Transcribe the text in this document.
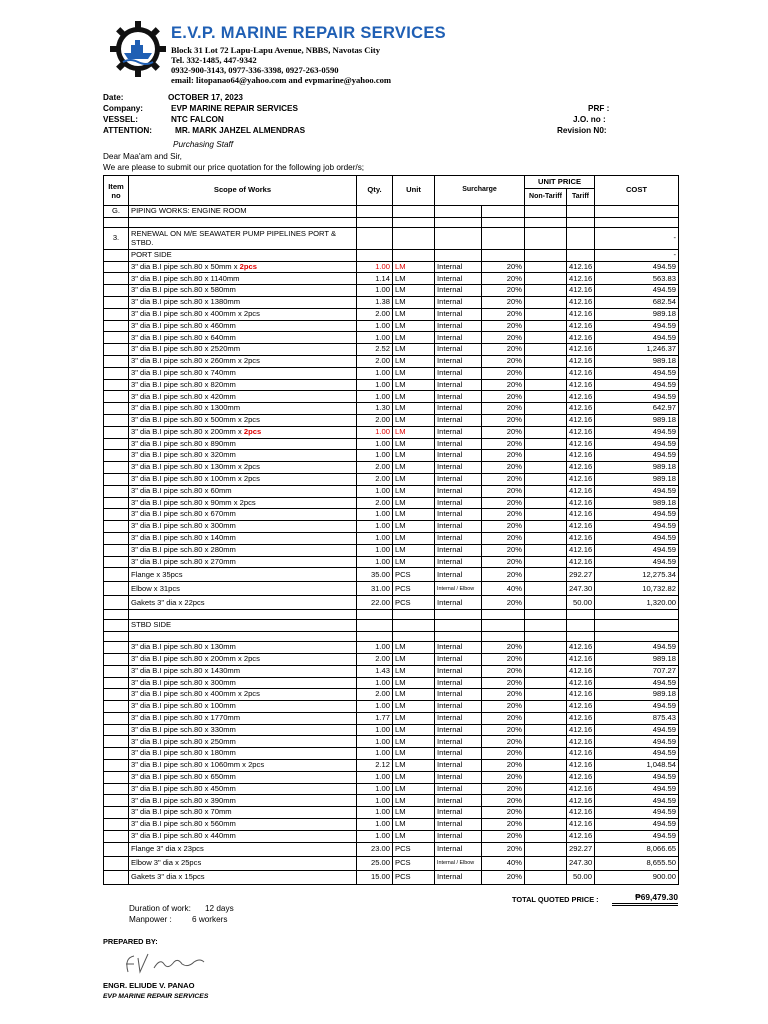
E.V.P. MARINE REPAIR SERVICES
Block 31 Lot 72 Lapu-Lapu Avenue, NBBS, Navotas City
Tel. 332-1485, 447-9342
0932-900-3143, 0977-336-3398, 0927-263-0590
email: litopanao64@yahoo.com and evpmarine@yahoo.com
Date:	OCTOBER 17, 2023
Company:	EVP MARINE REPAIR SERVICES
VESSEL:	NTC FALCON
ATTENTION:	MR. MARK JAHZEL ALMENDRAS
Purchasing Staff
PRF :
J.O. no :
Revision N0:
Dear Maa'am and Sir,
We are please to submit our price quotation for the following job order/s;
Item no	Scope of Works	Qty.	Unit	Surcharge		UNIT PRICE		COST
						Non-Tariff	Tariff	
G.	PIPING WORKS: ENGINE ROOM							

3.	RENEWAL ON M/E SEAWATER PUMP PIPELINES PORT & STBD.							-
	PORT SIDE							-
	3" dia B.I pipe sch.80 x 50mm x 2pcs	1.00	LM	Internal	20%		412.16	494.59
	3" dia B.I pipe sch.80 x 1140mm	1.14	LM	Internal	20%		412.16	563.83
	3" dia B.I pipe sch.80 x 580mm	1.00	LM	Internal	20%		412.16	494.59
	3" dia B.I pipe sch.80 x 1380mm	1.38	LM	Internal	20%		412.16	682.54
	3" dia B.I pipe sch.80 x 400mm x 2pcs	2.00	LM	Internal	20%		412.16	989.18
	3" dia B.I pipe sch.80 x 460mm	1.00	LM	Internal	20%		412.16	494.59
	3" dia B.I pipe sch.80 x 640mm	1.00	LM	Internal	20%		412.16	494.59
	3" dia B.I pipe sch.80 x 2520mm	2.52	LM	Internal	20%		412.16	1,246.37
	3" dia B.I pipe sch.80 x 260mm x 2pcs	2.00	LM	Internal	20%		412.16	989.18
	3" dia B.I pipe sch.80 x 740mm	1.00	LM	Internal	20%		412.16	494.59
	3" dia B.I pipe sch.80 x 820mm	1.00	LM	Internal	20%		412.16	494.59
	3" dia B.I pipe sch.80 x 420mm	1.00	LM	Internal	20%		412.16	494.59
	3" dia B.I pipe sch.80 x 1300mm	1.30	LM	Internal	20%		412.16	642.97
	3" dia B.I pipe sch.80 x 500mm x 2pcs	2.00	LM	Internal	20%		412.16	989.18
	3" dia B.I pipe sch.80 x 200mm x 2pcs	1.00	LM	Internal	20%		412.16	494.59
	3" dia B.I pipe sch.80 x 890mm	1.00	LM	Internal	20%		412.16	494.59
	3" dia B.I pipe sch.80 x 320mm	1.00	LM	Internal	20%		412.16	494.59
	3" dia B.I pipe sch.80 x 130mm x 2pcs	2.00	LM	Internal	20%		412.16	989.18
	3" dia B.I pipe sch.80 x 100mm x 2pcs	2.00	LM	Internal	20%		412.16	989.18
	3" dia B.I pipe sch.80 x 60mm	1.00	LM	Internal	20%		412.16	494.59
	3" dia B.I pipe sch.80 x 90mm x 2pcs	2.00	LM	Internal	20%		412.16	989.18
	3" dia B.I pipe sch.80 x 670mm	1.00	LM	Internal	20%		412.16	494.59
	3" dia B.I pipe sch.80 x 300mm	1.00	LM	Internal	20%		412.16	494.59
	3" dia B.I pipe sch.80 x 140mm	1.00	LM	Internal	20%		412.16	494.59
	3" dia B.I pipe sch.80 x 280mm	1.00	LM	Internal	20%		412.16	494.59
	3" dia B.I pipe sch.80 x 270mm	1.00	LM	Internal	20%		412.16	494.59
	Flange x 35pcs	35.00	PCS	Internal	20%		292.27	12,275.34
	Elbow x 31pcs	31.00	PCS	Internal / Elbow	40%		247.30	10,732.82
	Gakets 3" dia x 22pcs	22.00	PCS	Internal	20%		50.00	1,320.00

	STBD SIDE							

	3" dia B.I pipe sch.80 x 130mm	1.00	LM	Internal	20%		412.16	494.59
	3" dia B.I pipe sch.80 x 200mm x 2pcs	2.00	LM	Internal	20%		412.16	989.18
	3" dia B.I pipe sch.80 x 1430mm	1.43	LM	Internal	20%		412.16	707.27
	3" dia B.I pipe sch.80 x 300mm	1.00	LM	Internal	20%		412.16	494.59
	3" dia B.I pipe sch.80 x 400mm x 2pcs	2.00	LM	Internal	20%		412.16	989.18
	3" dia B.I pipe sch.80 x 100mm	1.00	LM	Internal	20%		412.16	494.59
	3" dia B.I pipe sch.80 x 1770mm	1.77	LM	Internal	20%		412.16	875.43
	3" dia B.I pipe sch.80 x 330mm	1.00	LM	Internal	20%		412.16	494.59
	3" dia B.I pipe sch.80 x 250mm	1.00	LM	Internal	20%		412.16	494.59
	3" dia B.I pipe sch.80 x 180mm	1.00	LM	Internal	20%		412.16	494.59
	3" dia B.I pipe sch.80 x 1060mm x 2pcs	2.12	LM	Internal	20%		412.16	1,048.54
	3" dia B.I pipe sch.80 x 650mm	1.00	LM	Internal	20%		412.16	494.59
	3" dia B.I pipe sch.80 x 450mm	1.00	LM	Internal	20%		412.16	494.59
	3" dia B.I pipe sch.80 x 390mm	1.00	LM	Internal	20%		412.16	494.59
	3" dia B.I pipe sch.80 x 70mm	1.00	LM	Internal	20%		412.16	494.59
	3" dia B.I pipe sch.80 x 560mm	1.00	LM	Internal	20%		412.16	494.59
	3" dia B.I pipe sch.80 x 440mm	1.00	LM	Internal	20%		412.16	494.59
	Flange 3" dia x 23pcs	23.00	PCS	Internal	20%		292.27	8,066.65
	Elbow 3" dia x 25pcs	25.00	PCS	Internal / Elbow	40%		247.30	8,655.50
	Gakets 3" dia x 15pcs	15.00	PCS	Internal	20%		50.00	900.00
TOTAL QUOTED PRICE :	₱69,479.30
Duration of work: 12 days
Manpower : 6 workers
PREPARED BY:
ENGR. ELIUDE V. PANAO
EVP MARINE REPAIR SERVICES
